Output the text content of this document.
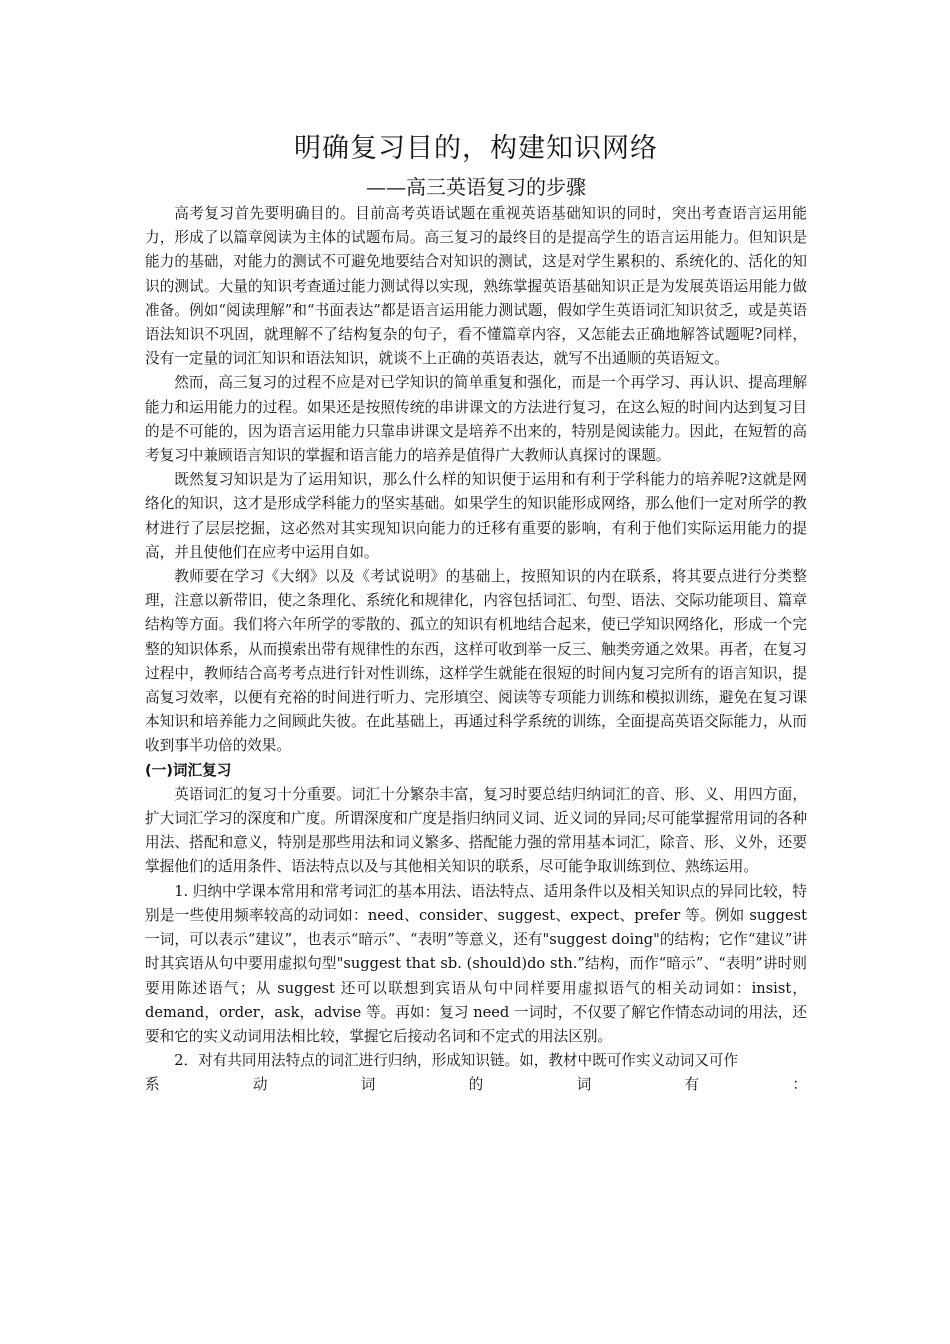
明确复习目的，构建知识网络
——高三英语复习的步骤

高考复习首先要明确目的。目前高考英语试题在重视英语基础知识的同时，突出考查语言运用能力，形成了以篇章阅读为主体的试题布局。高三复习的最终目的是提高学生的语言运用能力。但知识是能力的基础，对能力的测试不可避免地要结合对知识的测试，这是对学生累积的、系统化的、活化的知识的测试。大量的知识考查通过能力测试得以实现，熟练掌握英语基础知识正是为发展英语运用能力做准备。例如“阅读理解”和“书面表达”都是语言运用能力测试题，假如学生英语词汇知识贫乏，或是英语语法知识不巩固，就理解不了结构复杂的句子，看不懂篇章内容，又怎能去正确地解答试题呢?同样，没有一定量的词汇知识和语法知识，就谈不上正确的英语表达，就写不出通顺的英语短文。

然而，高三复习的过程不应是对已学知识的简单重复和强化，而是一个再学习、再认识、提高理解能力和运用能力的过程。如果还是按照传统的串讲课文的方法进行复习，在这么短的时间内达到复习目的是不可能的，因为语言运用能力只靠串讲课文是培养不出来的，特别是阅读能力。因此，在短暂的高考复习中兼顾语言知识的掌握和语言能力的培养是值得广大教师认真探讨的课题。

既然复习知识是为了运用知识，那么什么样的知识便于运用和有利于学科能力的培养呢?这就是网络化的知识，这才是形成学科能力的坚实基础。如果学生的知识能形成网络，那么他们一定对所学的教材进行了层层挖掘，这必然对其实现知识向能力的迁移有重要的影响，有利于他们实际运用能力的提高，并且使他们在应考中运用自如。

教师要在学习《大纲》以及《考试说明》的基础上，按照知识的内在联系，将其要点进行分类整理，注意以新带旧，使之条理化、系统化和规律化，内容包括词汇、句型、语法、交际功能项目、篇章结构等方面。我们将六年所学的零散的、孤立的知识有机地结合起来，使已学知识网络化，形成一个完整的知识体系，从而摸索出带有规律性的东西，这样可收到举一反三、触类旁通之效果。再者，在复习过程中，教师结合高考考点进行针对性训练，这样学生就能在很短的时间内复习完所有的语言知识，提高复习效率，以便有充裕的时间进行听力、完形填空、阅读等专项能力训练和模拟训练，避免在复习课本知识和培养能力之间顾此失彼。在此基础上，再通过科学系统的训练，全面提高英语交际能力，从而收到事半功倍的效果。

(一)词汇复习

英语词汇的复习十分重要。词汇十分繁杂丰富，复习时要总结归纳词汇的音、形、义、用四方面，扩大词汇学习的深度和广度。所谓深度和广度是指归纳同义词、近义词的异同;尽可能掌握常用词的各种用法、搭配和意义，特别是那些用法和词义繁多、搭配能力强的常用基本词汇，除音、形、义外，还要掌握他们的适用条件、语法特点以及与其他相关知识的联系，尽可能争取训练到位、熟练运用。

1. 归纳中学课本常用和常考词汇的基本用法、语法特点、适用条件以及相关知识点的异同比较，特别是一些使用频率较高的动词如：need、consider、suggest、expect、prefer 等。例如 suggest 一词，可以表示“建议”，也表示“暗示”、“表明”等意义，还有"suggest doing"的结构；它作“建议”讲时其宾语从句中要用虚拟句型"suggest that sb. (should)do sth.”结构，而作“暗示”、“表明”讲时则要用陈述语气；从 suggest 还可以联想到宾语从句中同样要用虚拟语气的相关动词如：insist，demand，order，ask，advise 等。再如：复习 need 一词时，不仅要了解它作情态动词的用法，还要和它的实义动词用法相比较，掌握它后接动名词和不定式的用法区别。

2．对有共同用法特点的词汇进行归纳，形成知识链。如，教材中既可作实义动词又可作

系	动	词	的	词	有	：
